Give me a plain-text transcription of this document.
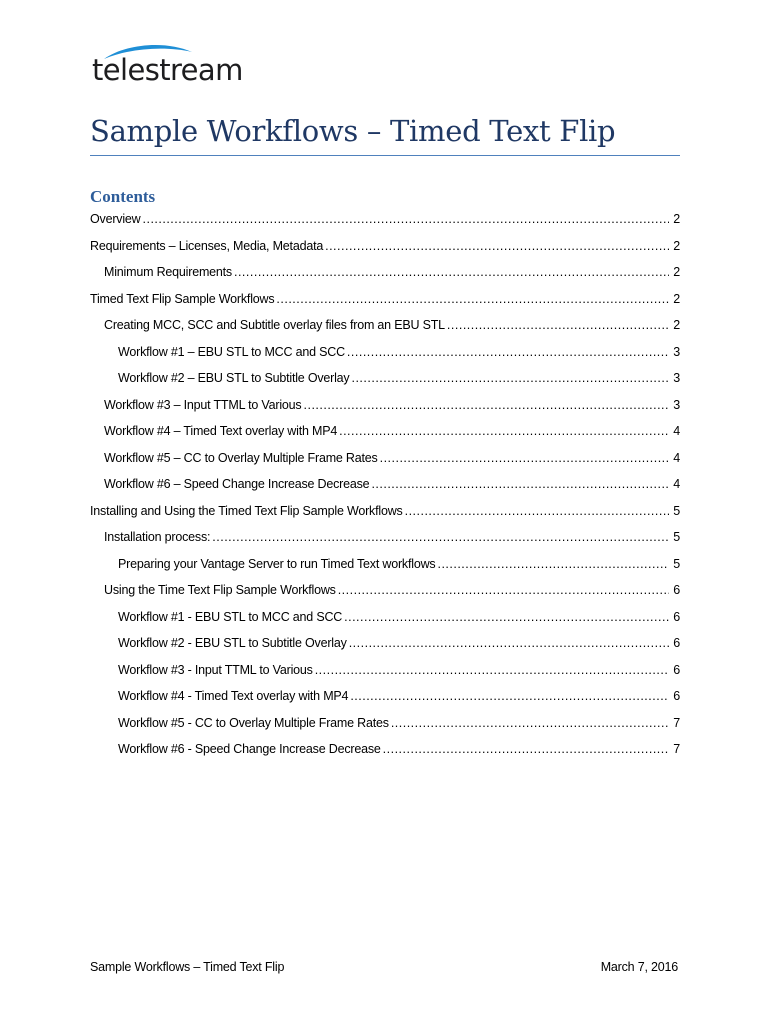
telestream
Sample Workflows – Timed Text Flip
Contents
Overview .....	2
Requirements – Licenses, Media, Metadata .....	2
Minimum Requirements .....	2
Timed Text Flip Sample Workflows .....	2
Creating MCC, SCC and Subtitle overlay files from an EBU STL .....	2
Workflow #1 – EBU STL to MCC and SCC .....	3
Workflow #2 – EBU STL to Subtitle Overlay .....	3
Workflow #3 – Input TTML to Various .....	3
Workflow #4 – Timed Text overlay with MP4 .....	4
Workflow #5 – CC to Overlay Multiple Frame Rates .....	4
Workflow #6 – Speed Change Increase Decrease .....	4
Installing and Using the Timed Text Flip Sample Workflows .....	5
Installation process: .....	5
Preparing your Vantage Server to run Timed Text workflows .....	5
Using the Time Text Flip Sample Workflows .....	6
Workflow #1 - EBU STL to MCC and SCC .....	6
Workflow #2 - EBU STL to Subtitle Overlay .....	6
Workflow #3 - Input TTML to Various .....	6
Workflow #4 - Timed Text overlay with MP4 .....	6
Workflow #5 - CC to Overlay Multiple Frame Rates .....	7
Workflow #6 - Speed Change Increase Decrease .....	7
Sample Workflows – Timed Text Flip	March 7, 2016
